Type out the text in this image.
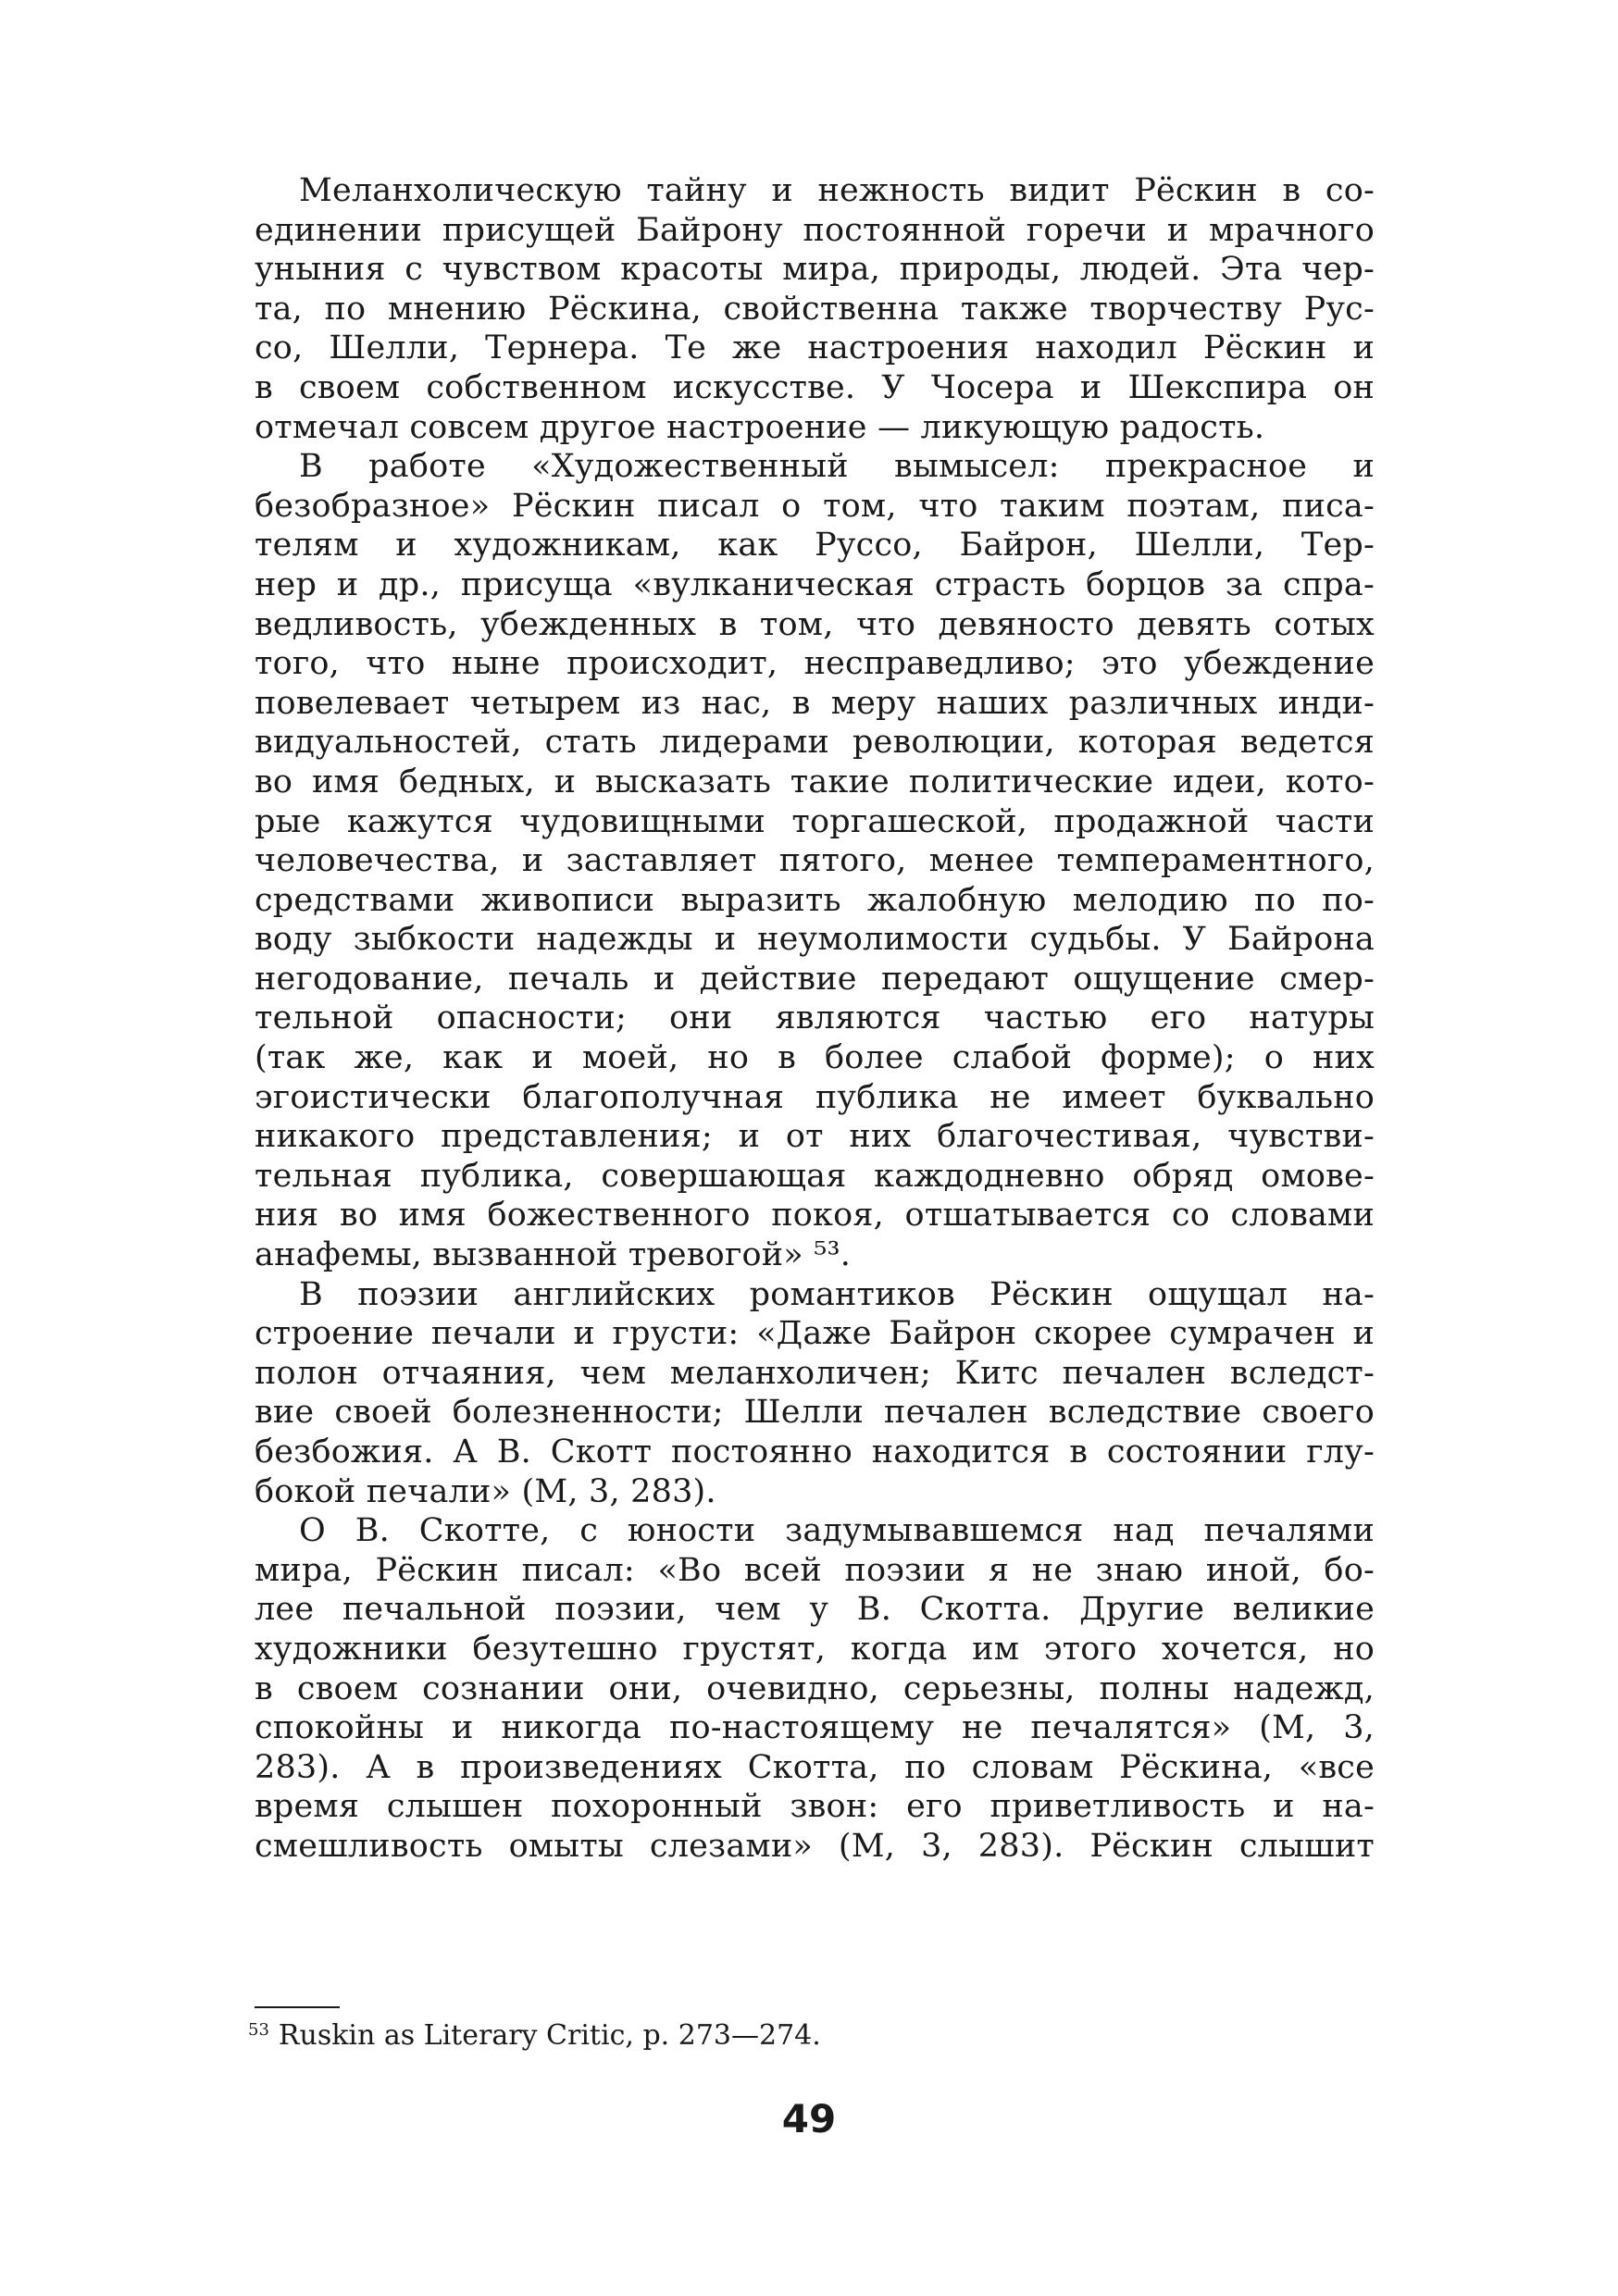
Меланхолическую тайну и нежность видит Рёскин в со-
единении присущей Байрону постоянной горечи и мрачного
уныния с чувством красоты мира, природы, людей. Эта чер-
та, по мнению Рёскина, свойственна также творчеству Рус-
со, Шелли, Тернера. Те же настроения находил Рёскин и
в своем собственном искусстве. У Чосера и Шекспира он
отмечал совсем другое настроение — ликующую радость.
В работе «Художественный вымысел: прекрасное и
безобразное» Рёскин писал о том, что таким поэтам, писа-
телям и художникам, как Руссо, Байрон, Шелли, Тер-
нер и др., присуща «вулканическая страсть борцов за спра-
ведливость, убежденных в том, что девяносто девять сотых
того, что ныне происходит, несправедливо; это убеждение
повелевает четырем из нас, в меру наших различных инди-
видуальностей, стать лидерами революции, которая ведется
во имя бедных, и высказать такие политические идеи, кото-
рые кажутся чудовищными торгашеской, продажной части
человечества, и заставляет пятого, менее темпераментного,
средствами живописи выразить жалобную мелодию по по-
воду зыбкости надежды и неумолимости судьбы. У Байрона
негодование, печаль и действие передают ощущение смер-
тельной опасности; они являются частью его натуры
(так же, как и моей, но в более слабой форме); о них
эгоистически благополучная публика не имеет буквально
никакого представления; и от них благочестивая, чувстви-
тельная публика, совершающая каждодневно обряд омове-
ния во имя божественного покоя, отшатывается со словами
анафемы, вызванной тревогой» ⁵³.
В поэзии английских романтиков Рёскин ощущал на-
строение печали и грусти: «Даже Байрон скорее сумрачен и
полон отчаяния, чем меланхоличен; Китс печален вследст-
вие своей болезненности; Шелли печален вследствие своего
безбожия. А В. Скотт постоянно находится в состоянии глу-
бокой печали» (М, 3, 283).
О В. Скотте, с юности задумывавшемся над печалями
мира, Рёскин писал: «Во всей поэзии я не знаю иной, бо-
лее печальной поэзии, чем у В. Скотта. Другие великие
художники безутешно грустят, когда им этого хочется, но
в своем сознании они, очевидно, серьезны, полны надежд,
спокойны и никогда по-настоящему не печалятся» (М, 3,
283). А в произведениях Скотта, по словам Рёскина, «все
время слышен похоронный звон: его приветливость и на-
смешливость омыты слезами» (М, 3, 283). Рёскин слышит
$^{53}$ Ruskin as Literary Critic, p. 273—274.
49
